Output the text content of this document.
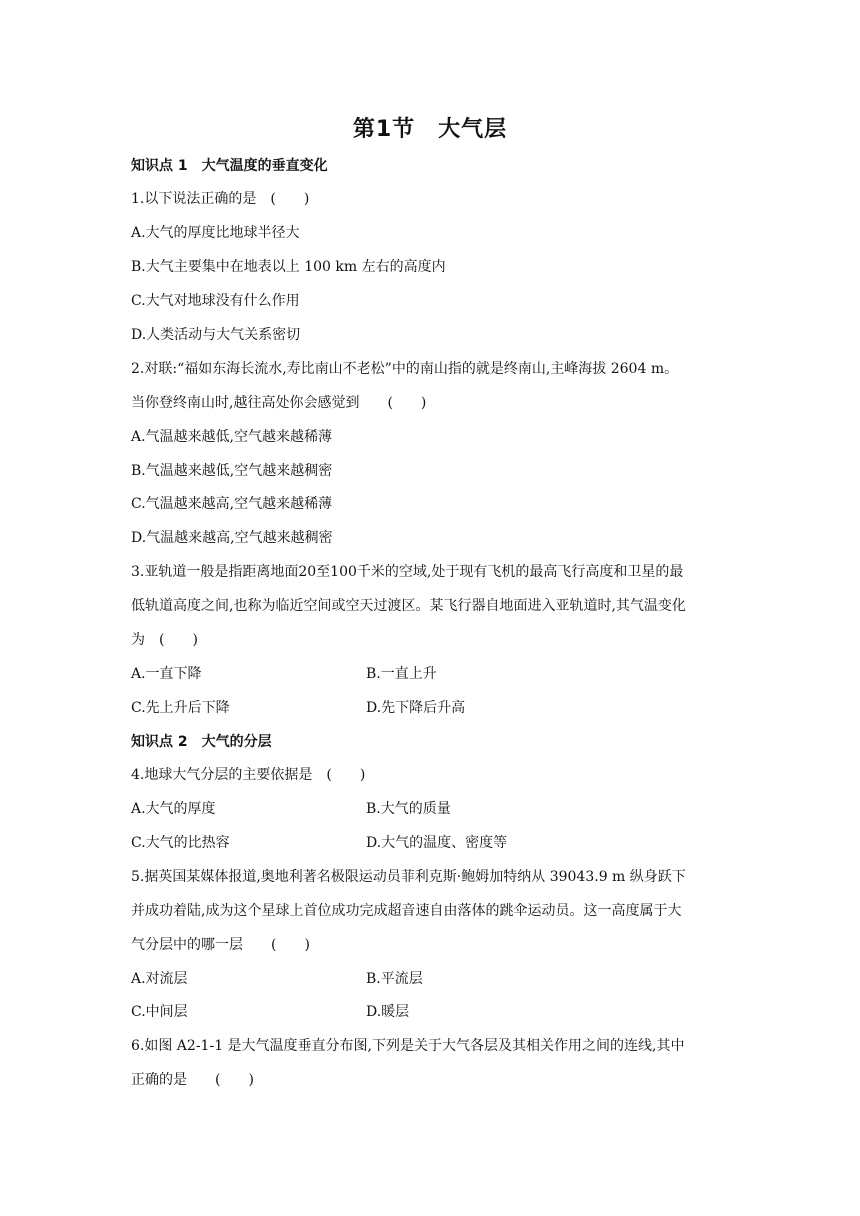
第1节　大气层
知识点 1　大气温度的垂直变化
1.以下说法正确的是　(　　)
A.大气的厚度比地球半径大
B.大气主要集中在地表以上 100 km 左右的高度内
C.大气对地球没有什么作用
D.人类活动与大气关系密切
2.对联:“福如东海长流水,寿比南山不老松”中的南山指的就是终南山,主峰海拔 2604 m。
当你登终南山时,越往高处你会感觉到　　(　　)
A.气温越来越低,空气越来越稀薄
B.气温越来越低,空气越来越稠密
C.气温越来越高,空气越来越稀薄
D.气温越来越高,空气越来越稠密
3.亚轨道一般是指距离地面20至100千米的空域,处于现有飞机的最高飞行高度和卫星的最
低轨道高度之间,也称为临近空间或空天过渡区。某飞行器自地面进入亚轨道时,其气温变化
为　(　　)
A.一直下降	B.一直上升
C.先上升后下降	D.先下降后升高
知识点 2　大气的分层
4.地球大气分层的主要依据是　(　　)
A.大气的厚度	B.大气的质量
C.大气的比热容	D.大气的温度、密度等
5.据英国某媒体报道,奥地利著名极限运动员菲利克斯·鲍姆加特纳从 39043.9 m 纵身跃下
并成功着陆,成为这个星球上首位成功完成超音速自由落体的跳伞运动员。这一高度属于大
气分层中的哪一层　　(　　)
A.对流层	B.平流层
C.中间层	D.暖层
6.如图 A2-1-1 是大气温度垂直分布图,下列是关于大气各层及其相关作用之间的连线,其中
正确的是　　(　　)
